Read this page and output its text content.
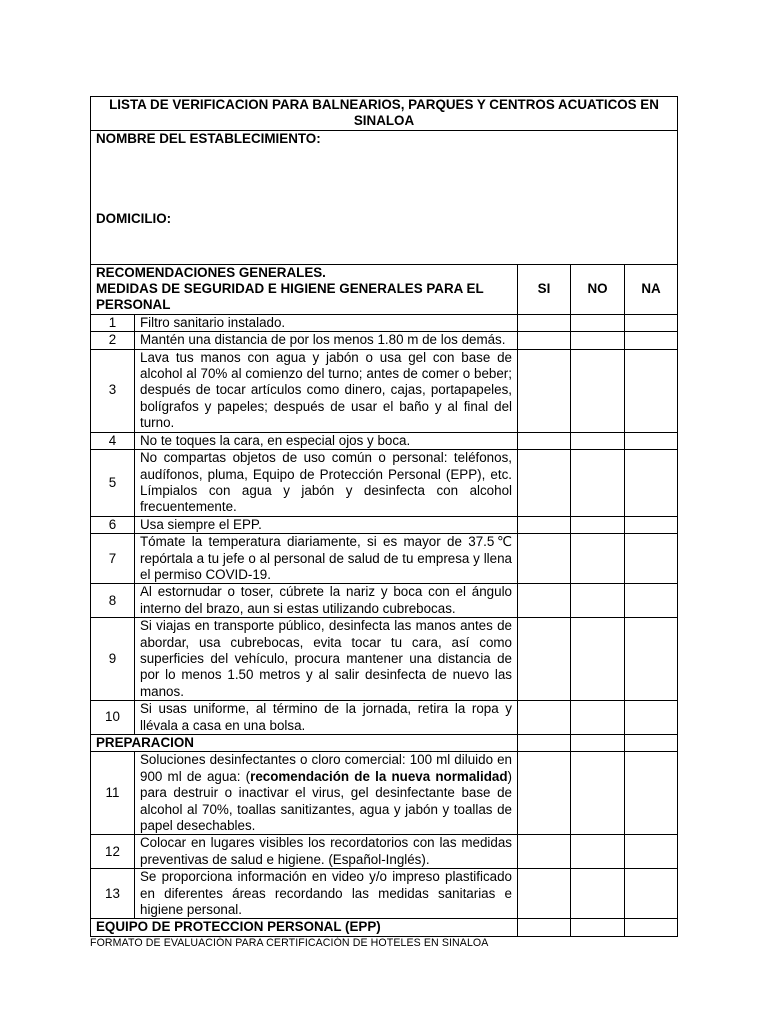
LISTA DE VERIFICACION PARA BALNEARIOS, PARQUES Y CENTROS ACUATICOS EN SINALOA				

NOMBRE DEL ESTABLECIMIENTO:
DOMICILIO:				

RECOMENDACIONES GENERALES.
MEDIDAS DE SEGURIDAD E HIGIENE GENERALES PARA EL PERSONAL		SI	NO	NA
1	Filtro sanitario instalado.			
2	Mantén una distancia de por los menos 1.80 m de los demás.			
3	Lava tus manos con agua y jabón o usa gel con base de alcohol al 70% al comienzo del turno; antes de comer o beber; después de tocar artículos como dinero, cajas, portapapeles, bolígrafos y papeles; después de usar el baño y al final del turno.			
4	No te toques la cara, en especial ojos y boca.			
5	No compartas objetos de uso común o personal: teléfonos, audífonos, pluma, Equipo de Protección Personal (EPP), etc. Límpialos con agua y jabón y desinfecta con alcohol frecuentemente.			
6	Usa siempre el EPP.			
7	Tómate la temperatura diariamente, si es mayor de 37.5℃ repórtala a tu jefe o al personal de salud de tu empresa y llena el permiso COVID-19.			
8	Al estornudar o toser, cúbrete la nariz y boca con el ángulo interno del brazo, aun si estas utilizando cubrebocas.			
9	Si viajas en transporte público, desinfecta las manos antes de abordar, usa cubrebocas, evita tocar tu cara, así como superficies del vehículo, procura mantener una distancia de por lo menos 1.50 metros y al salir desinfecta de nuevo las manos.			
10	Si usas uniforme, al término de la jornada, retira la ropa y llévala a casa en una bolsa.			
PREPARACION				
11	Soluciones desinfectantes o cloro comercial: 100 ml diluido en 900 ml de agua: (recomendación de la nueva normalidad) para destruir o inactivar el virus, gel desinfectante base de alcohol al 70%, toallas sanitizantes, agua y jabón y toallas de papel desechables.			
12	Colocar en lugares visibles los recordatorios con las medidas preventivas de salud e higiene. (Español-Inglés).			
13	Se proporciona información en video y/o impreso plastificado en diferentes áreas recordando las medidas sanitarias e higiene personal.			
EQUIPO DE PROTECCION PERSONAL (EPP)				
FORMATO DE EVALUACIÓN PARA CERTIFICACIÓN DE HOTELES EN SINALOA
